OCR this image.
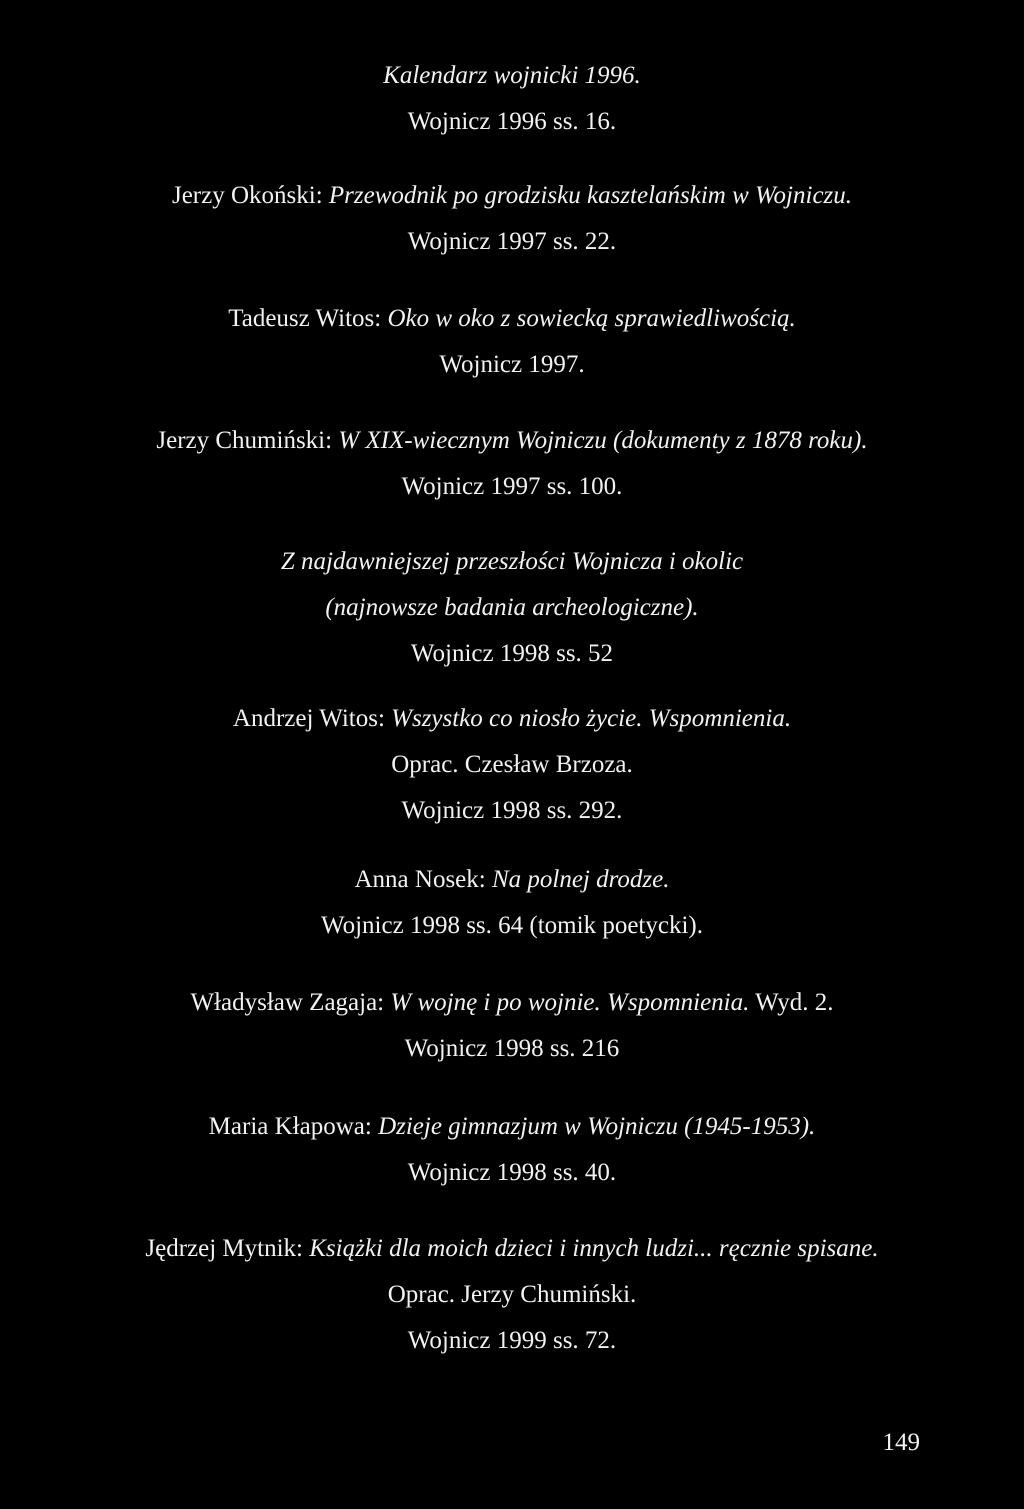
Kalendarz wojnicki 1996.
Wojnicz 1996 ss. 16.
Jerzy Okoński: Przewodnik po grodzisku kasztelańskim w Wojniczu.
Wojnicz 1997 ss. 22.
Tadeusz Witos: Oko w oko z sowiecką sprawiedliwością.
Wojnicz 1997.
Jerzy Chumiński: W XIX-wiecznym Wojniczu (dokumenty z 1878 roku).
Wojnicz 1997 ss. 100.
Z najdawniejszej przeszłości Wojnicza i okolic
(najnowsze badania archeologiczne).
Wojnicz 1998 ss. 52
Andrzej Witos: Wszystko co niosło życie. Wspomnienia.
Oprac. Czesław Brzoza.
Wojnicz 1998 ss. 292.
Anna Nosek: Na polnej drodze.
Wojnicz 1998 ss. 64 (tomik poetycki).
Władysław Zagaja: W wojnę i po wojnie. Wspomnienia. Wyd. 2.
Wojnicz 1998 ss. 216
Maria Kłapowa: Dzieje gimnazjum w Wojniczu (1945-1953).
Wojnicz 1998 ss. 40.
Jędrzej Mytnik: Książki dla moich dzieci i innych ludzi... ręcznie spisane.
Oprac. Jerzy Chumiński.
Wojnicz 1999 ss. 72.
149
